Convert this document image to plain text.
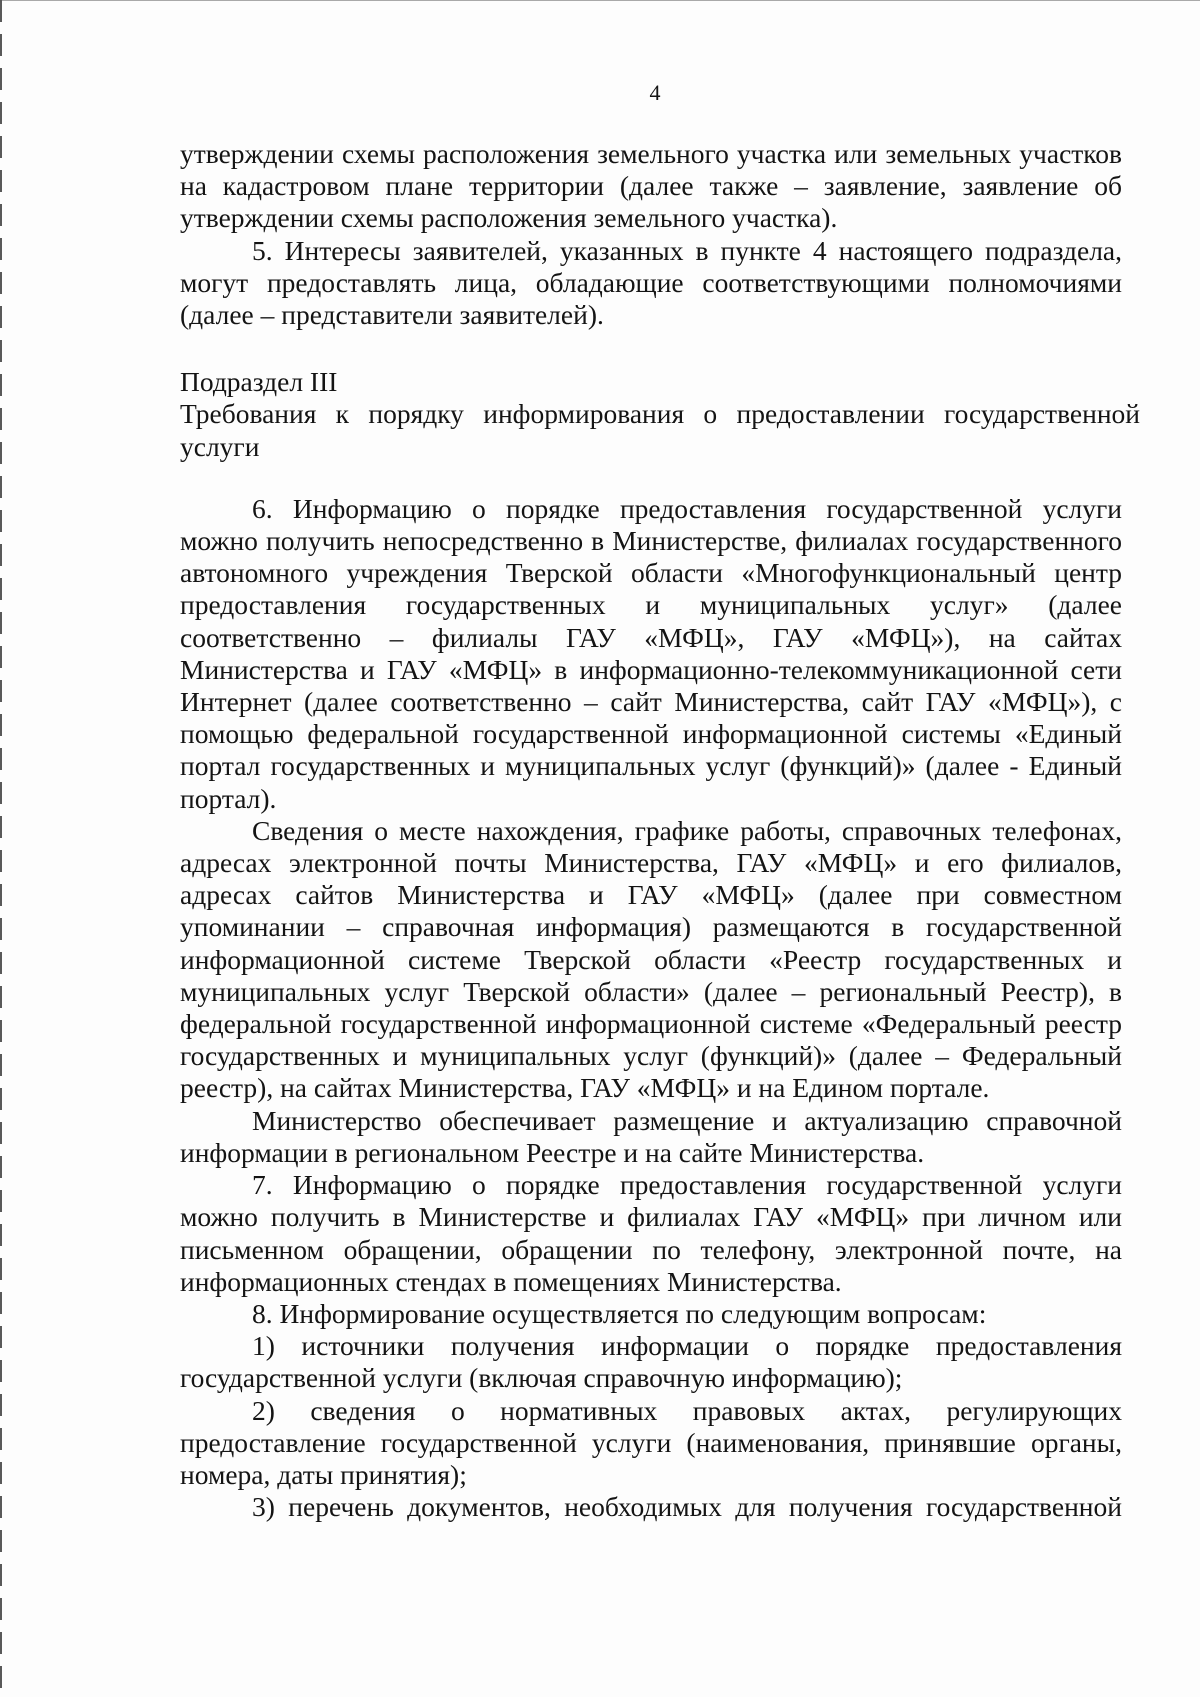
4

утверждении схемы расположения земельного участка или земельных участков на кадастровом плане территории (далее также – заявление, заявление об утверждении схемы расположения земельного участка).

5. Интересы заявителей, указанных в пункте 4 настоящего подраздела, могут предоставлять лица, обладающие соответствующими полномочиями (далее – представители заявителей).

Подраздел III

Требования к порядку информирования о предоставлении государственной услуги

6. Информацию о порядке предоставления государственной услуги можно получить непосредственно в Министерстве, филиалах государственного автономного учреждения Тверской области «Многофункциональный центр предоставления государственных и муниципальных услуг» (далее соответственно – филиалы ГАУ «МФЦ», ГАУ «МФЦ»), на сайтах Министерства и ГАУ «МФЦ» в информационно-телекоммуникационной сети Интернет (далее соответственно – сайт Министерства, сайт ГАУ «МФЦ»), с помощью федеральной государственной информационной системы «Единый портал государственных и муниципальных услуг (функций)» (далее - Единый портал).

Сведения о месте нахождения, графике работы, справочных телефонах, адресах электронной почты Министерства, ГАУ «МФЦ» и его филиалов, адресах сайтов Министерства и ГАУ «МФЦ» (далее при совместном упоминании – справочная информация) размещаются в государственной информационной системе Тверской области «Реестр государственных и муниципальных услуг Тверской области» (далее – региональный Реестр), в федеральной государственной информационной системе «Федеральный реестр государственных и муниципальных услуг (функций)» (далее – Федеральный реестр), на сайтах Министерства, ГАУ «МФЦ» и на Едином портале.

Министерство обеспечивает размещение и актуализацию справочной информации в региональном Реестре и на сайте Министерства.

7. Информацию о порядке предоставления государственной услуги можно получить в Министерстве и филиалах ГАУ «МФЦ» при личном или письменном обращении, обращении по телефону, электронной почте, на информационных стендах в помещениях Министерства.

8. Информирование осуществляется по следующим вопросам:

1) источники получения информации о порядке предоставления государственной услуги (включая справочную информацию);

2) сведения о нормативных правовых актах, регулирующих предоставление государственной услуги (наименования, принявшие органы, номера, даты принятия);

3) перечень документов, необходимых для получения государственной
